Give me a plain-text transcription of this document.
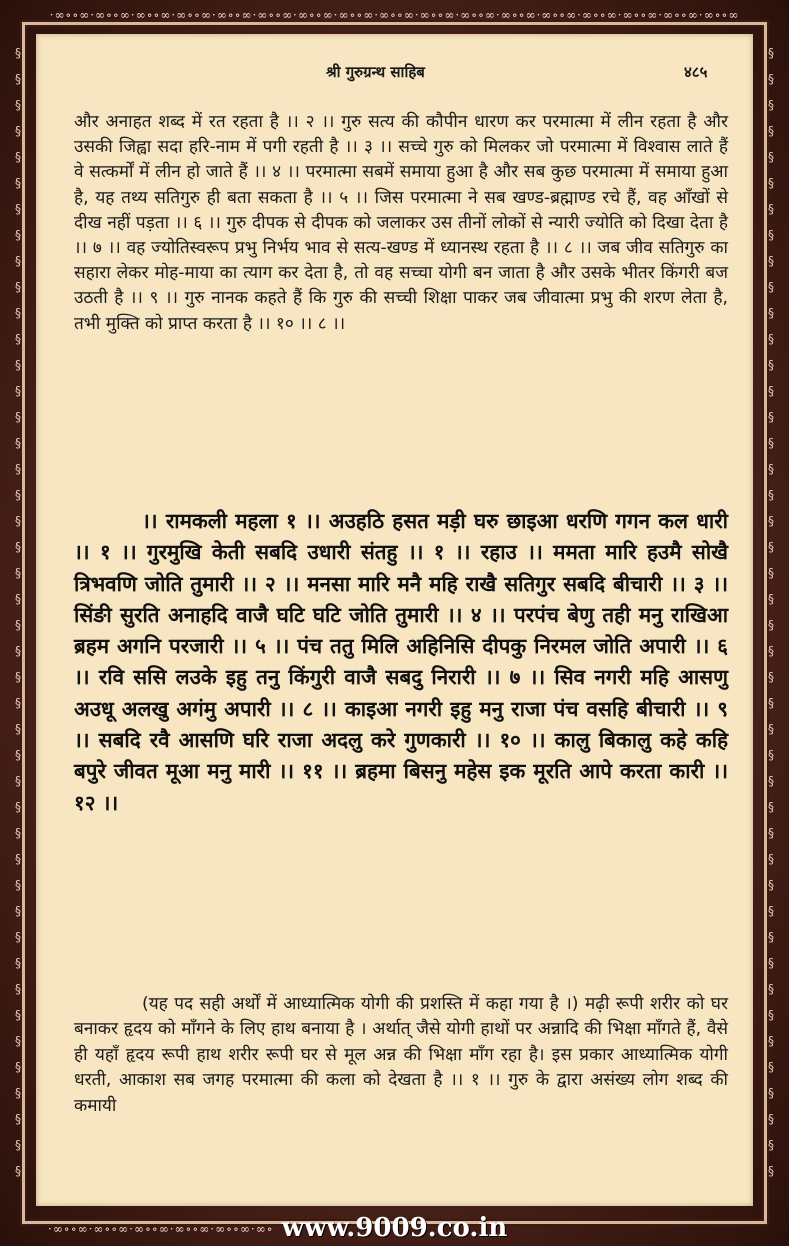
·∞∘∘∞·∞∘∘∞·∞∘∘∞·∞∘∘∞·∞∘∘∞·∞∘∘∞·∞∘∘∞·∞∘∘∞·∞∘∘∞·∞∘∘∞·∞∘∘∞·∞∘∘∞·∞∘∘∞·∞∘∘∞·∞∘∘∞·∞∘∘∞·∞∘∘∞
§
§
§
§
§
§
§
§
§
§
§
§
§
§
§
§
§
§
§
§
§
§
§
§
§
§
§
§
§
§
§
§
§
§
§
§
§
§
§
§
§
§
§
§
§
§
§
§
§
§
§
§
§
§
§
§
§
§
§
§
§
§
§
§
§
§
§
§
§
§
§
§
§
§
§
§
§
§
§
§
§
§
§
§
§
§
§
§
श्री गुरुग्रन्थ साहिब	४८५
और अनाहत शब्द में रत रहता है ।। २ ।। गुरु सत्य की कौपीन धारण कर परमात्मा में लीन रहता है और उसकी जिह्वा सदा हरि-नाम में पगी रहती है ।। ३ ।। सच्चे गुरु को मिलकर जो परमात्मा में विश्वास लाते हैं वे सत्कर्मों में लीन हो जाते हैं ।। ४ ।। परमात्मा सबमें समाया हुआ है और सब कुछ परमात्मा में समाया हुआ है, यह तथ्य सतिगुरु ही बता सकता है ।। ५ ।। जिस परमात्मा ने सब खण्ड-ब्रह्माण्ड रचे हैं, वह आँखों से दीख नहीं पड़ता ।। ६ ।। गुरु दीपक से दीपक को जलाकर उस तीनों लोकों से न्यारी ज्योति को दिखा देता है ।। ७ ।। वह ज्योतिस्वरूप प्रभु निर्भय भाव से सत्य-खण्ड में ध्यानस्थ रहता है ।। ८ ।। जब जीव सतिगुरु का सहारा लेकर मोह-माया का त्याग कर देता है, तो वह सच्चा योगी बन जाता है और उसके भीतर किंगरी बज उठती है ।। ९ ।। गुरु नानक कहते हैं कि गुरु की सच्ची शिक्षा पाकर जब जीवात्मा प्रभु की शरण लेता है, तभी मुक्ति को प्राप्त करता है ।। १० ।। ८ ।।
।। रामकली महला १ ।। अउहठि हसत मड़ी घरु छाइआ धरणि गगन कल धारी ।। १ ।। गुरमुखि केती सबदि उधारी संतहु ।। १ ।। रहाउ ।। ममता मारि हउमै सोखै त्रिभवणि जोति तुमारी ।। २ ।। मनसा मारि मनै महि राखै सतिगुर सबदि बीचारी ।। ३ ।। सिंङी सुरति अनाहदि वाजै घटि घटि जोति तुमारी ।। ४ ।। परपंच बेणु तही मनु राखिआ ब्रहम अगनि परजारी ।। ५ ।। पंच ततु मिलि अहिनिसि दीपकु निरमल जोति अपारी ।। ६ ।। रवि ससि लउके इहु तनु किंगुरी वाजै सबदु निरारी ।। ७ ।। सिव नगरी महि आसणु अउधू अलखु अगंमु अपारी ।। ८ ।। काइआ नगरी इहु मनु राजा पंच वसहि बीचारी ।। ९ ।। सबदि रवै आसणि घरि राजा अदलु करे गुणकारी ।। १० ।। कालु बिकालु कहे कहि बपुरे जीवत मूआ मनु मारी ।। ११ ।। ब्रहमा बिसनु महेस इक मूरति आपे करता कारी ।। १२ ।।
(यह पद सही अर्थों में आध्यात्मिक योगी की प्रशस्ति में कहा गया है ।) मढ़ी रूपी शरीर को घर बनाकर हृदय को माँगने के लिए हाथ बनाया है । अर्थात् जैसे योगी हाथों पर अन्नादि की भिक्षा माँगते हैं, वैसे ही यहाँ हृदय रूपी हाथ शरीर रूपी घर से मूल अन्न की भिक्षा माँग रहा है। इस प्रकार आध्यात्मिक योगी धरती, आकाश सब जगह परमात्मा की कला को देखता है ।। १ ।। गुरु के द्वारा असंख्य लोग शब्द की कमायी
·∞∘∘∞·∞∘∘∞·∞∘∘∞·∞∘∘∞·∞∘∘∞·∞∘ www.9009.co.in
